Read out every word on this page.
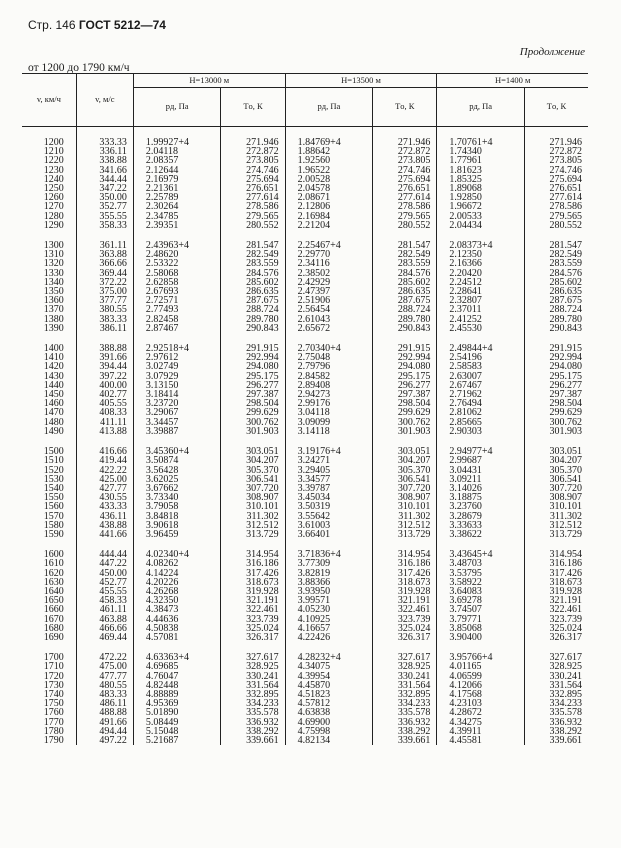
Стр. 146 ГОСТ 5212—74
Продолжение
от 1200 до 1790 км/ч
v, км/ч	v, м/с	H=13000 м		H=13500 м		H=1400 м	
		pд, Па	Tо, К	pд, Па	Tо, К	pд, Па	Tо, К

1200	333.33	1.99927+4	271.946	1.84769+4	271.946	1.70761+4	271.946
1210	336.11	2.04118	272.872	1.88642	272.872	1.74340	272.872
1220	338.88	2.08357	273.805	1.92560	273.805	1.77961	273.805
1230	341.66	2.12644	274.746	1.96522	274.746	1.81623	274.746
1240	344.44	2.16979	275.694	2.00528	275.694	1.85325	275.694
1250	347.22	2.21361	276.651	2.04578	276.651	1.89068	276.651
1260	350.00	2.25789	277.614	2.08671	277.614	1.92850	277.614
1270	352.77	2.30264	278.586	2.12806	278.586	1.96672	278.586
1280	355.55	2.34785	279.565	2.16984	279.565	2.00533	279.565
1290	358.33	2.39351	280.552	2.21204	280.552	2.04434	280.552

1300	361.11	2.43963+4	281.547	2.25467+4	281.547	2.08373+4	281.547
1310	363.88	2.48620	282.549	2.29770	282.549	2.12350	282.549
1320	366.66	2.53322	283.559	2.34116	283.559	2.16366	283.559
1330	369.44	2.58068	284.576	2.38502	284.576	2.20420	284.576
1340	372.22	2.62858	285.602	2.42929	285.602	2.24512	285.602
1350	375.00	2.67693	286.635	2.47397	286.635	2.28641	286.635
1360	377.77	2.72571	287.675	2.51906	287.675	2.32807	287.675
1370	380.55	2.77493	288.724	2.56454	288.724	2.37011	288.724
1380	383.33	2.82458	289.780	2.61043	289.780	2.41252	289.780
1390	386.11	2.87467	290.843	2.65672	290.843	2.45530	290.843

1400	388.88	2.92518+4	291.915	2.70340+4	291.915	2.49844+4	291.915
1410	391.66	2.97612	292.994	2.75048	292.994	2.54196	292.994
1420	394.44	3.02749	294.080	2.79796	294.080	2.58583	294.080
1430	397.22	3.07929	295.175	2.84582	295.175	2.63007	295.175
1440	400.00	3.13150	296.277	2.89408	296.277	2.67467	296.277
1450	402.77	3.18414	297.387	2.94273	297.387	2.71962	297.387
1460	405.55	3.23720	298.504	2.99176	298.504	2.76494	298.504
1470	408.33	3.29067	299.629	3.04118	299.629	2.81062	299.629
1480	411.11	3.34457	300.762	3.09099	300.762	2.85665	300.762
1490	413.88	3.39887	301.903	3.14118	301.903	2.90303	301.903

1500	416.66	3.45360+4	303.051	3.19176+4	303.051	2.94977+4	303.051
1510	419.44	3.50874	304.207	3.24271	304.207	2.99687	304.207
1520	422.22	3.56428	305.370	3.29405	305.370	3.04431	305.370
1530	425.00	3.62025	306.541	3.34577	306.541	3.09211	306.541
1540	427.77	3.67662	307.720	3.39787	307.720	3.14026	307.720
1550	430.55	3.73340	308.907	3.45034	308.907	3.18875	308.907
1560	433.33	3.79058	310.101	3.50319	310.101	3.23760	310.101
1570	436.11	3.84818	311.302	3.55642	311.302	3.28679	311.302
1580	438.88	3.90618	312.512	3.61003	312.512	3.33633	312.512
1590	441.66	3.96459	313.729	3.66401	313.729	3.38622	313.729

1600	444.44	4.02340+4	314.954	3.71836+4	314.954	3.43645+4	314.954
1610	447.22	4.08262	316.186	3.77309	316.186	3.48703	316.186
1620	450.00	4.14224	317.426	3.82819	317.426	3.53795	317.426
1630	452.77	4.20226	318.673	3.88366	318.673	3.58922	318.673
1640	455.55	4.26268	319.928	3.93950	319.928	3.64083	319.928
1650	458.33	4.32350	321.191	3.99571	321.191	3.69278	321.191
1660	461.11	4.38473	322.461	4.05230	322.461	3.74507	322.461
1670	463.88	4.44636	323.739	4.10925	323.739	3.79771	323.739
1680	466.66	4.50838	325.024	4.16657	325.024	3.85068	325.024
1690	469.44	4.57081	326.317	4.22426	326.317	3.90400	326.317

1700	472.22	4.63363+4	327.617	4.28232+4	327.617	3.95766+4	327.617
1710	475.00	4.69685	328.925	4.34075	328.925	4.01165	328.925
1720	477.77	4.76047	330.241	4.39954	330.241	4.06599	330.241
1730	480.55	4.82448	331.564	4.45870	331.564	4.12066	331.564
1740	483.33	4.88889	332.895	4.51823	332.895	4.17568	332.895
1750	486.11	4.95369	334.233	4.57812	334.233	4.23103	334.233
1760	488.88	5.01890	335.578	4.63838	335.578	4.28672	335.578
1770	491.66	5.08449	336.932	4.69900	336.932	4.34275	336.932
1780	494.44	5.15048	338.292	4.75998	338.292	4.39911	338.292
1790	497.22	5.21687	339.661	4.82134	339.661	4.45581	339.661
